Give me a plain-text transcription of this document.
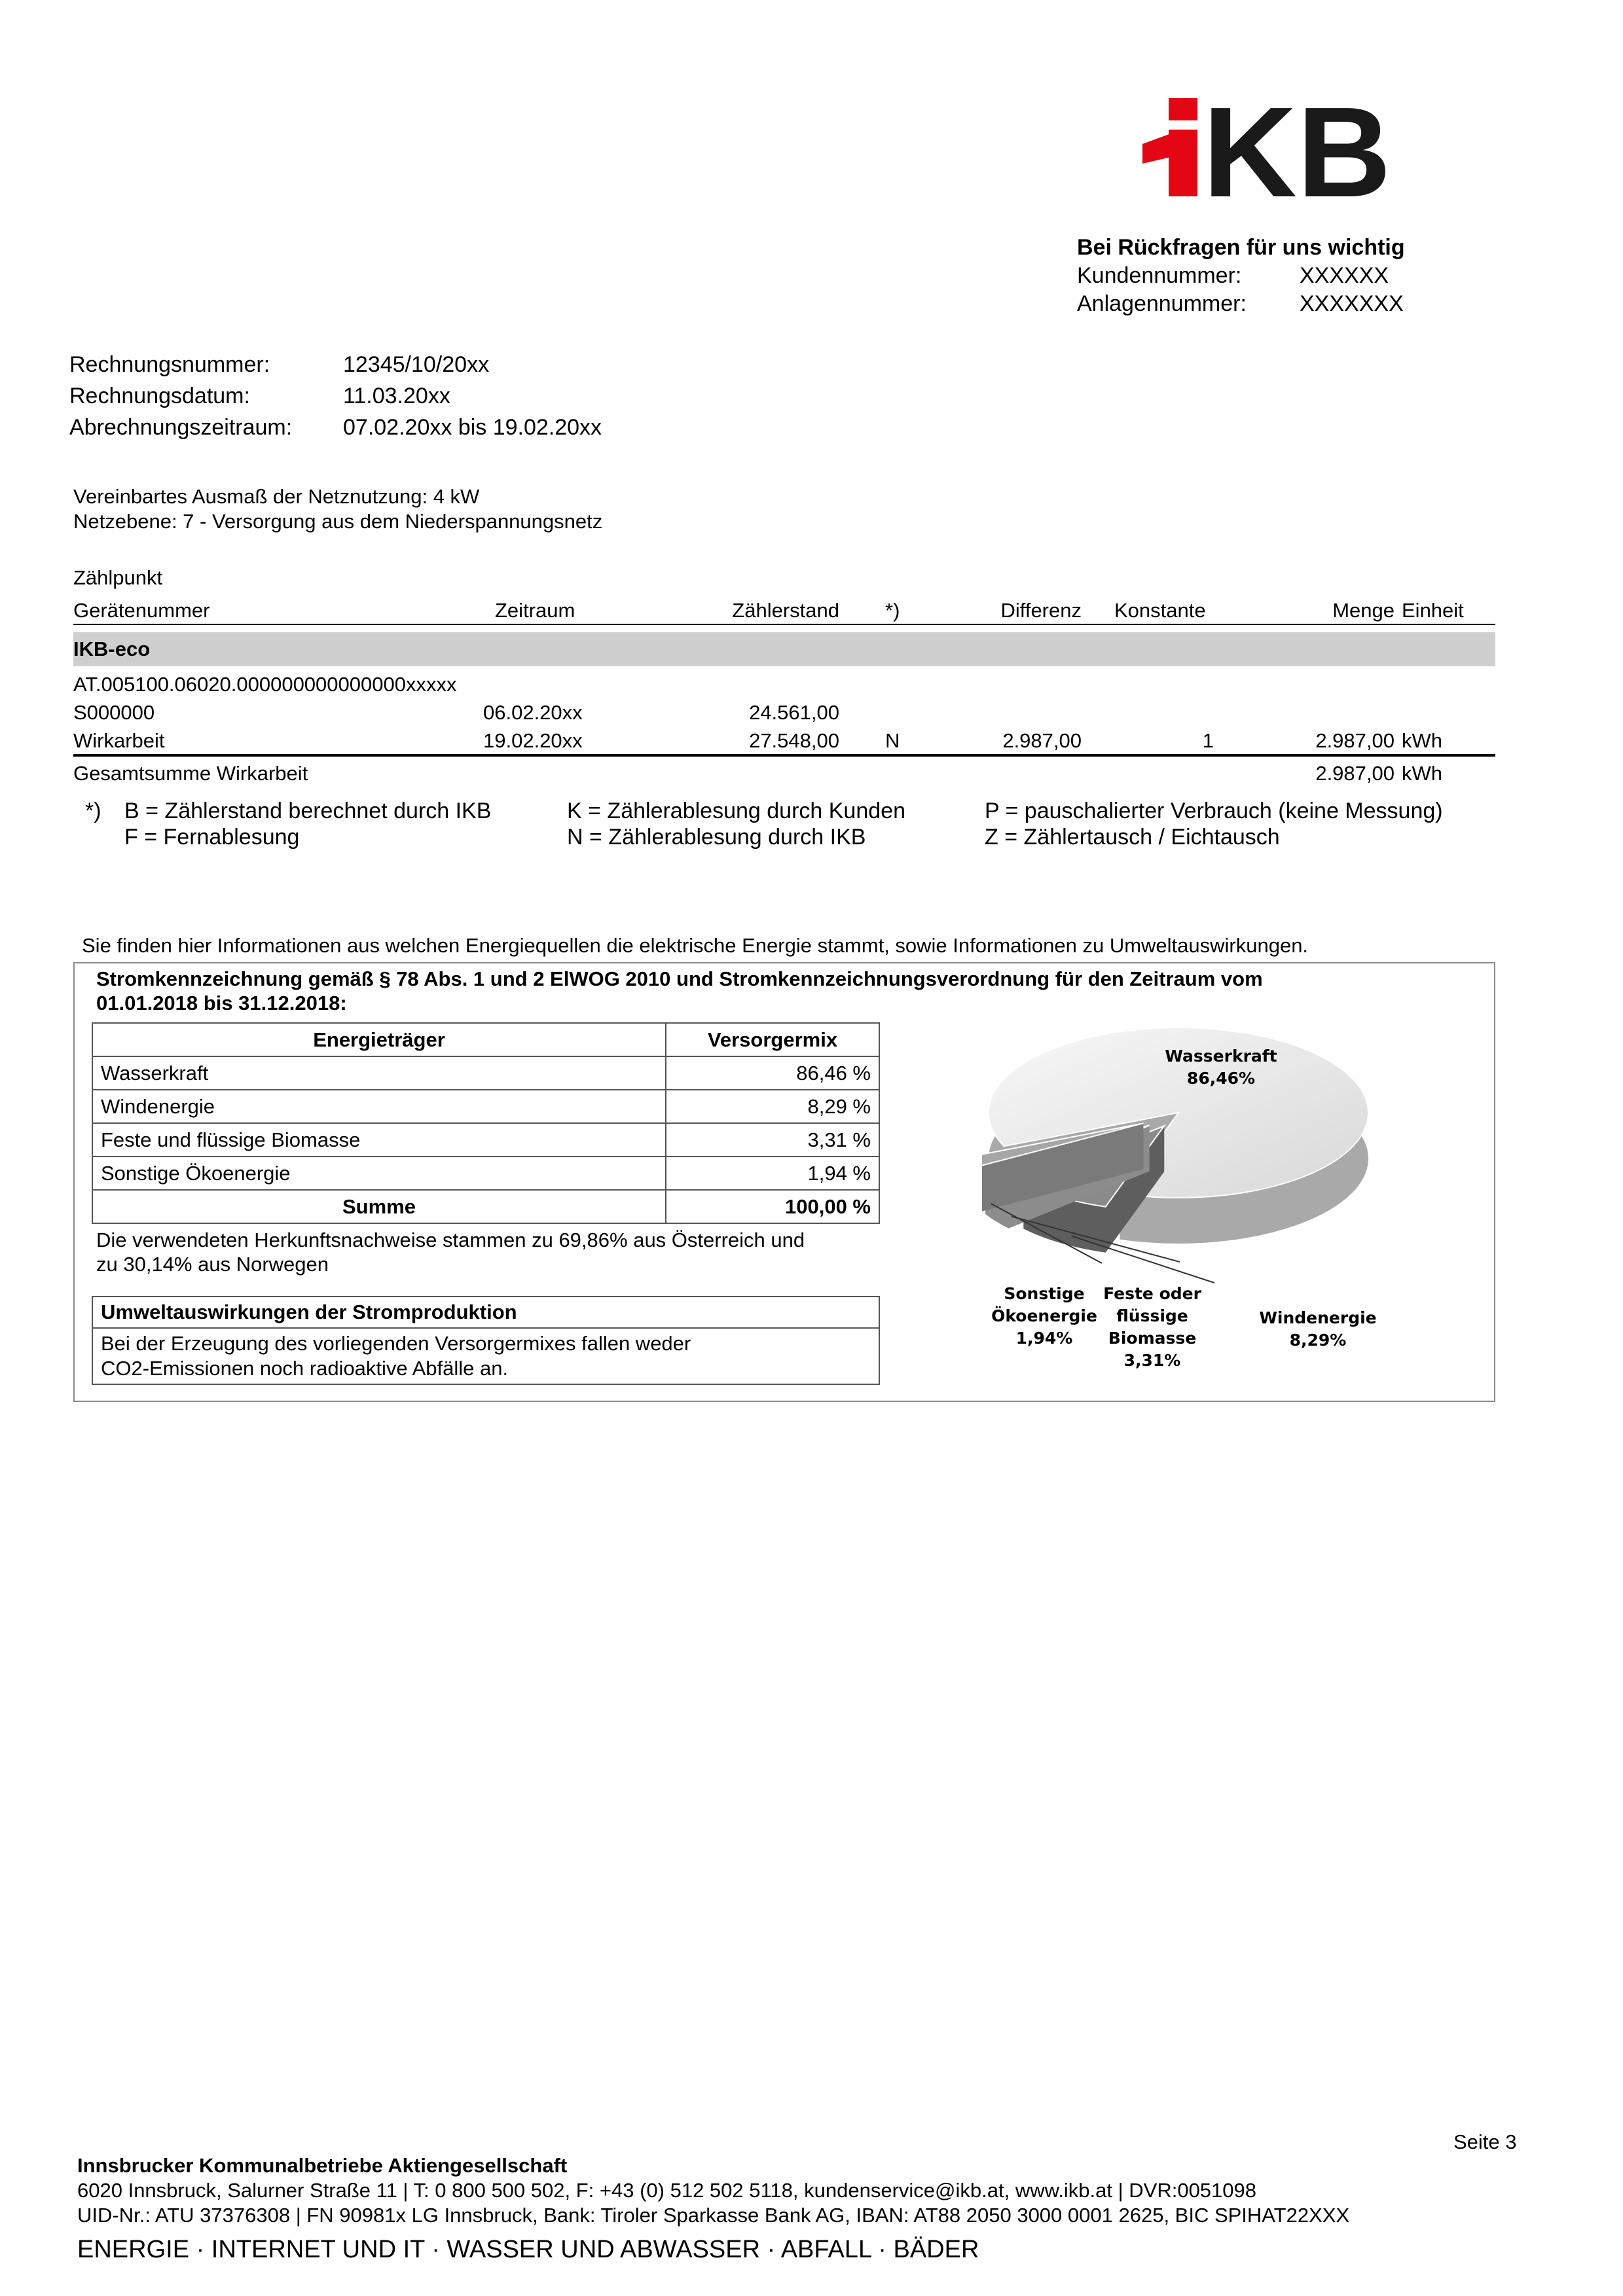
KB
Bei Rückfragen für uns wichtig
Kundennummer:	XXXXXX
Anlagennummer: XXXXXXX
Rechnungsnummer:	12345/10/20xx
Rechnungsdatum:	11.03.20xx
Abrechnungszeitraum: 07.02.20xx bis 19.02.20xx
Vereinbartes Ausmaß der Netznutzung: 4 kW
Netzebene: 7 - Versorgung aus dem Niederspannungsnetz
Zählpunkt
Gerätenummer	Zeitraum	Zählerstand *)	Differenz Konstante	Menge Einheit
IKB-eco
AT.005100.06020.000000000000000xxxxx
S000000	06.02.20xx	24.561,00
Wirkarbeit	19.02.20xx	27.548,00 N	2.987,00	1	2.987,00 kWh
Gesamtsumme Wirkarbeit	2.987,00 kWh
*) B = Zählerstand berechnet durch IKB
F = Fernablesung
K = Zählerablesung durch Kunden
N = Zählerablesung durch IKB
P = pauschalierter Verbrauch (keine Messung)
Z = Zählertausch / Eichtausch
Sie finden hier Informationen aus welchen Energiequellen die elektrische Energie stammt, sowie Informationen zu Umweltauswirkungen.
Stromkennzeichnung gemäß § 78 Abs. 1 und 2 ElWOG 2010 und Stromkennzeichnungsverordnung für den Zeitraum vom
01.01.2018 bis 31.12.2018:
Energieträger	Versorgermix
Wasserkraft	86,46 %
Windenergie	8,29 %
Feste und flüssige Biomasse	3,31 %
Sonstige Ökoenergie	1,94 %
Summe	100,00 %
Die verwendeten Herkunftsnachweise stammen zu 69,86% aus Österreich und
zu 30,14% aus Norwegen
Umweltauswirkungen der Stromproduktion

Bei der Erzeugung des vorliegenden Versorgermixes fallen weder
CO2-Emissionen noch radioaktive Abfälle an.
Wasserkraft
86,46%
Windenergie
8,29%
Feste oder
flüssige
Biomasse
3,31%
Sonstige
Ökoenergie
1,94%
Seite 3
Innsbrucker Kommunalbetriebe Aktiengesellschaft
6020 Innsbruck, Salurner Straße 11 | T: 0 800 500 502, F: +43 (0) 512 502 5118, kundenservice@ikb.at, www.ikb.at | DVR:0051098
UID-Nr.: ATU 37376308 | FN 90981x LG Innsbruck, Bank: Tiroler Sparkasse Bank AG, IBAN: AT88 2050 3000 0001 2625, BIC SPIHAT22XXX
ENERGIE · INTERNET UND IT · WASSER UND ABWASSER · ABFALL · BÄDER
